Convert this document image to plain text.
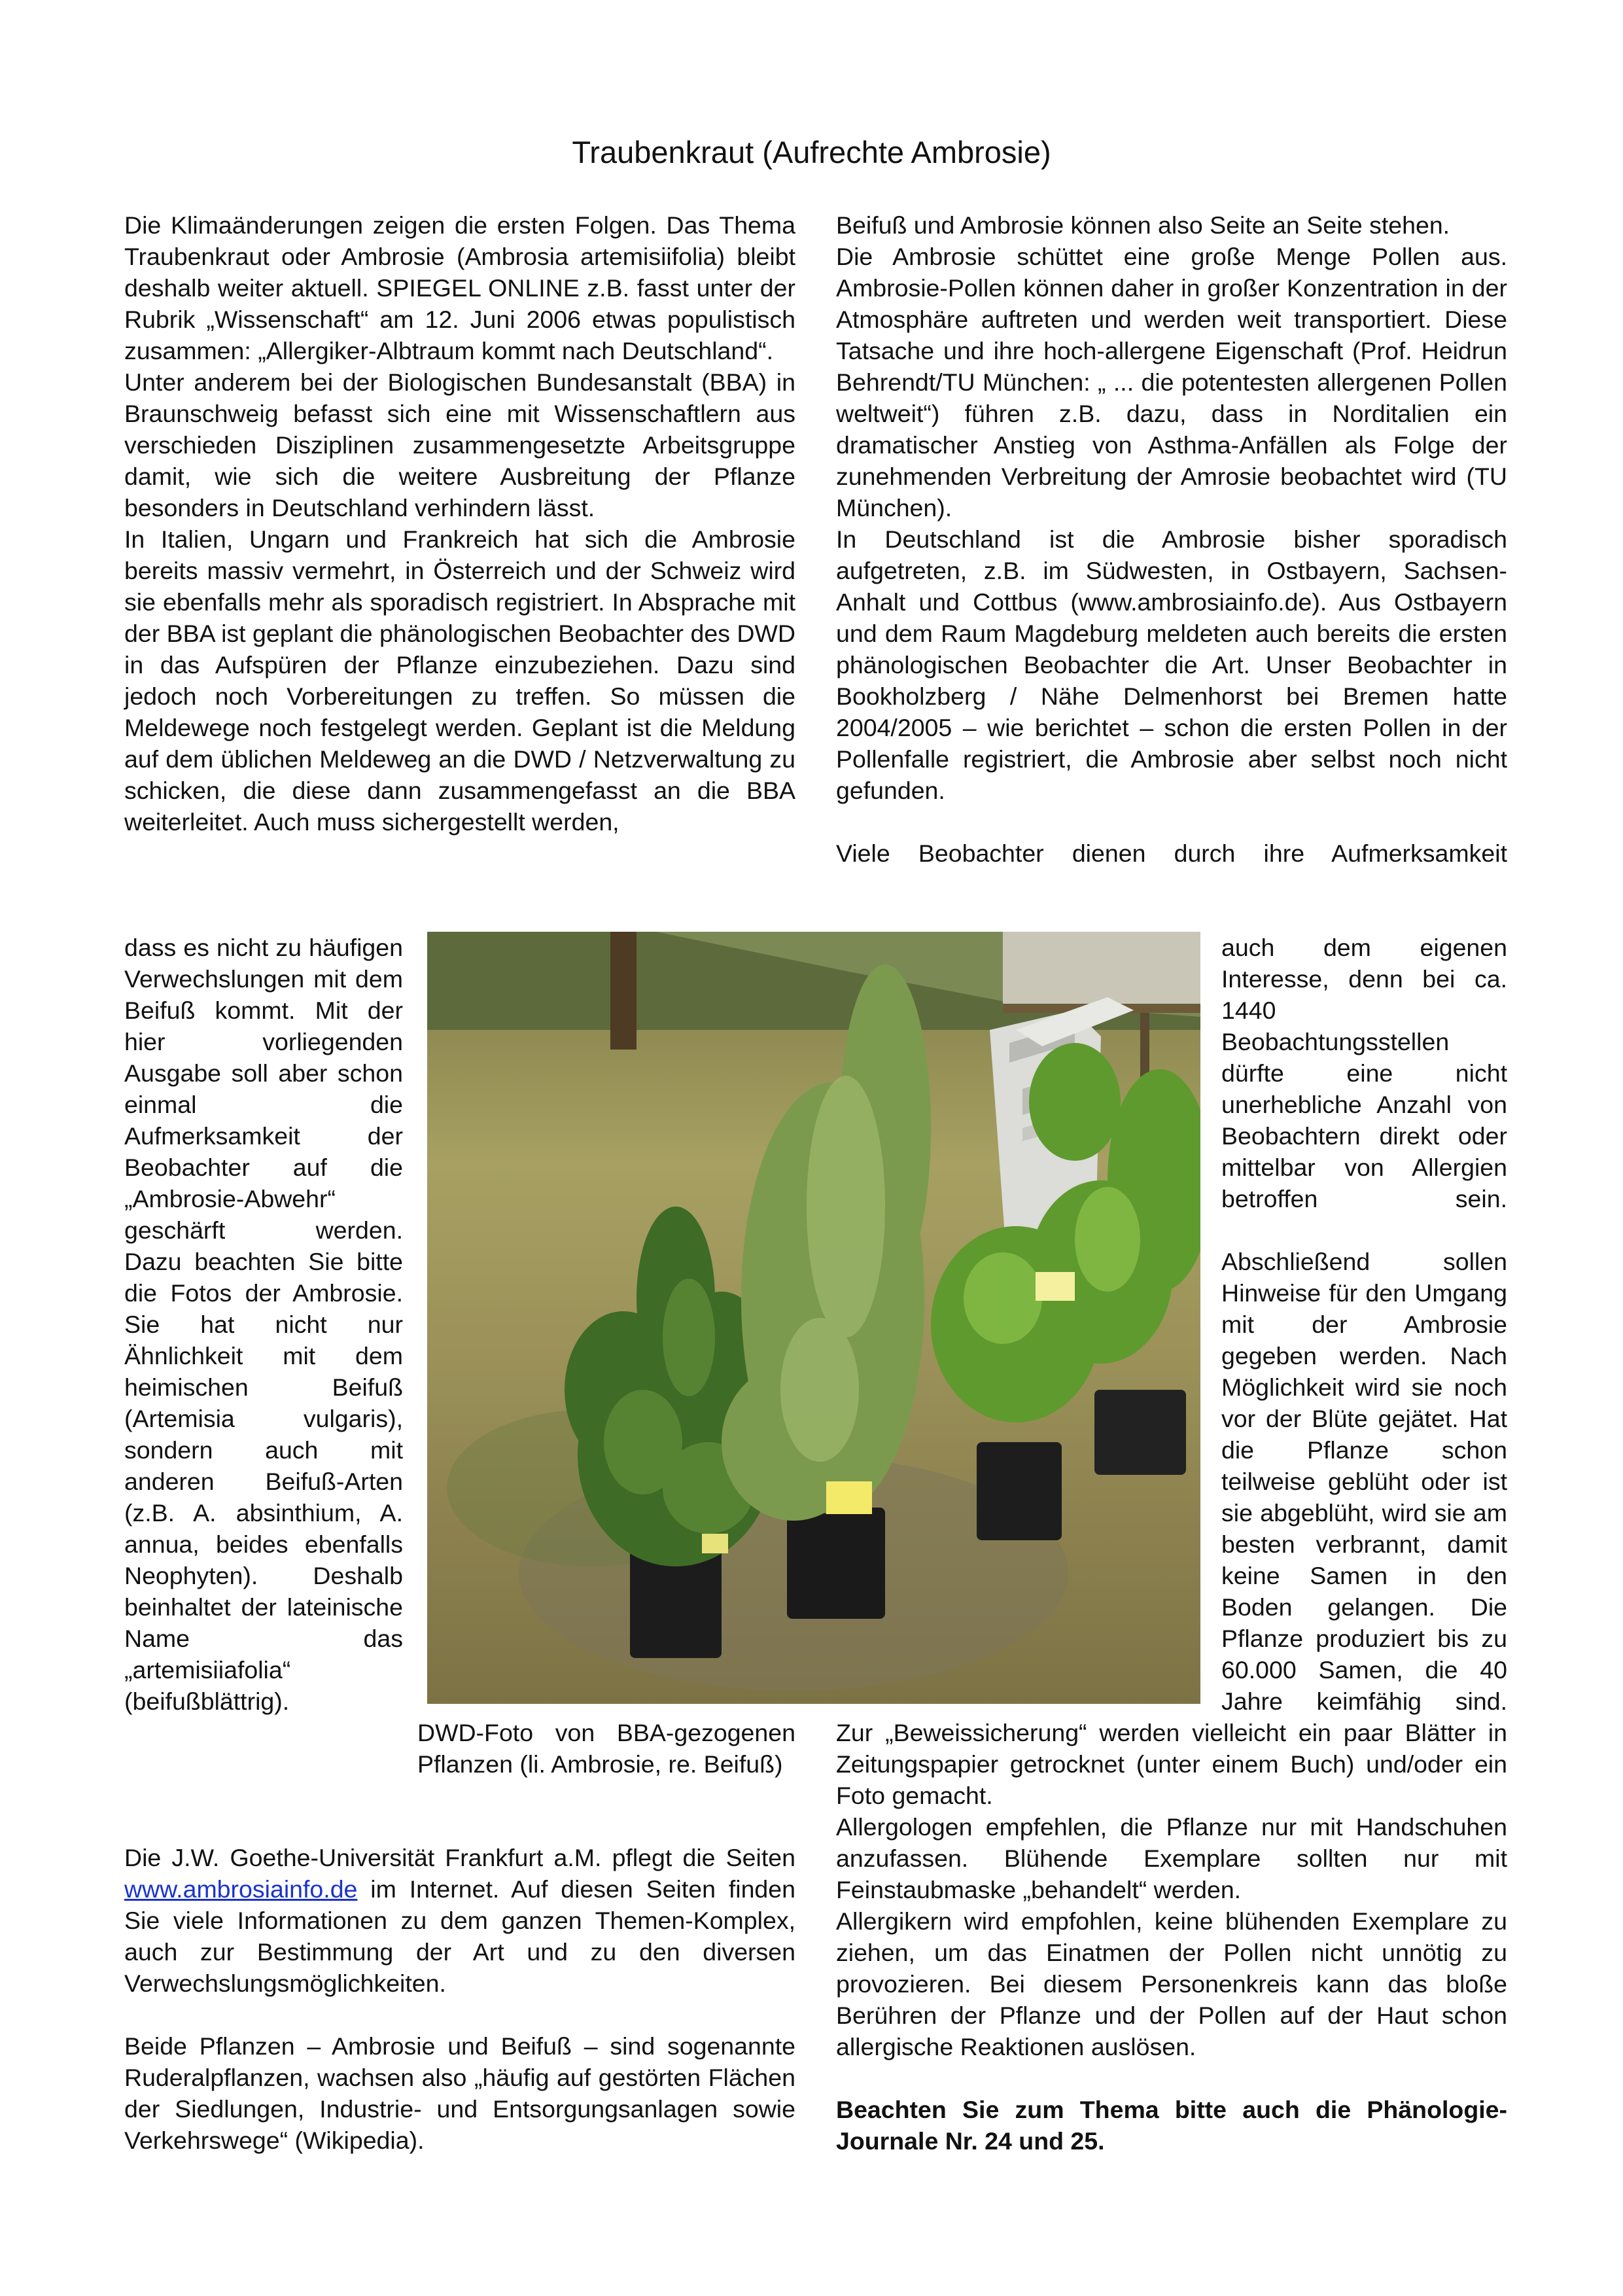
Traubenkraut (Aufrechte Ambrosie)

Die Klimaänderungen zeigen die ersten Folgen. Das Thema Traubenkraut oder Ambrosie (Ambrosia artemisiifolia) bleibt deshalb weiter aktuell. SPIEGEL ONLINE z.B. fasst unter der Rubrik „Wissenschaft“ am 12. Juni 2006 etwas populistisch zusammen: „Allergiker-Albtraum kommt nach Deutschland“.

Unter anderem bei der Biologischen Bundesanstalt (BBA) in Braunschweig befasst sich eine mit Wissenschaftlern aus verschieden Disziplinen zusammengesetzte Arbeitsgruppe damit, wie sich die weitere Ausbreitung der Pflanze besonders in Deutschland verhindern lässt.

In Italien, Ungarn und Frankreich hat sich die Ambrosie bereits massiv vermehrt, in Österreich und der Schweiz wird sie ebenfalls mehr als sporadisch registriert. In Absprache mit der BBA ist geplant die phänologischen Beobachter des DWD in das Aufspüren der Pflanze einzubeziehen. Dazu sind jedoch noch Vorbereitungen zu treffen. So müssen die Meldewege noch festgelegt werden. Geplant ist die Meldung auf dem üblichen Meldeweg an die DWD / Netzverwaltung zu schicken, die diese dann zusammengefasst an die BBA weiterleitet. Auch muss sichergestellt werden,

dass es nicht zu häufigen Verwechslungen mit dem Beifuß kommt. Mit der hier vorliegenden Ausgabe soll aber schon einmal die Aufmerksamkeit der Beobachter auf die „Ambrosie-Abwehr“ geschärft werden.

Dazu beachten Sie bitte die Fotos der Ambrosie.

Sie hat nicht nur Ähnlichkeit mit dem heimischen Beifuß (Artemisia vulgaris), sondern auch mit anderen Beifuß-Arten (z.B. A. absinthium, A. annua, beides ebenfalls Neophyten). Deshalb beinhaltet der lateinische Name das „artemisiiafolia“ (beifußblättrig).

DWD-Foto von BBA-gezogenen Pflanzen (li. Ambrosie, re. Beifuß)

Die J.W. Goethe-Universität Frankfurt a.M. pflegt die Seiten www.ambrosiainfo.de im Internet. Auf diesen Seiten finden Sie viele Informationen zu dem ganzen Themen-Komplex, auch zur Bestimmung der Art und zu den diversen Verwechslungsmöglichkeiten.

Beide Pflanzen – Ambrosie und Beifuß – sind sogenannte Ruderalpflanzen, wachsen also „häufig auf gestörten Flächen der Siedlungen, Industrie- und Entsorgungsanlagen sowie Verkehrswege“ (Wikipedia).

Beifuß und Ambrosie können also Seite an Seite stehen.

Die Ambrosie schüttet eine große Menge Pollen aus. Ambrosie-Pollen können daher in großer Konzentration in der Atmosphäre auftreten und werden weit transportiert. Diese Tatsache und ihre hoch-allergene Eigenschaft (Prof. Heidrun Behrendt/TU München: „ ... die potentesten allergenen Pollen weltweit“) führen z.B. dazu, dass in Norditalien ein dramatischer Anstieg von Asthma-Anfällen als Folge der zunehmenden Verbreitung der Amrosie beobachtet wird (TU München).

In Deutschland ist die Ambrosie bisher sporadisch aufgetreten, z.B. im Südwesten, in Ostbayern, Sachsen-Anhalt und Cottbus (www.ambrosiainfo.de). Aus Ostbayern und dem Raum Magdeburg meldeten auch bereits die ersten phänologischen Beobachter die Art. Unser Beobachter in Bookholzberg / Nähe Delmenhorst bei Bremen hatte 2004/2005 – wie berichtet – schon die ersten Pollen in der Pollenfalle registriert, die Ambrosie aber selbst noch nicht gefunden.

Viele Beobachter dienen durch ihre Aufmerksamkeit

auch dem eigenen Interesse, denn bei ca. 1440 Beobachtungsstellen dürfte eine nicht unerhebliche Anzahl von Beobachtern direkt oder mittelbar von Allergien betroffen sein.

Abschließend sollen Hinweise für den Umgang mit der Ambrosie gegeben werden. Nach Möglichkeit wird sie noch vor der Blüte gejätet. Hat die Pflanze schon teilweise geblüht oder ist sie abgeblüht, wird sie am besten verbrannt, damit keine Samen in den Boden gelangen. Die Pflanze produziert bis zu 60.000 Samen, die 40 Jahre keimfähig sind.

Zur „Beweissicherung“ werden vielleicht ein paar Blätter in Zeitungspapier getrocknet (unter einem Buch) und/oder ein Foto gemacht.

Allergologen empfehlen, die Pflanze nur mit Handschuhen anzufassen. Blühende Exemplare sollten nur mit Feinstaubmaske „behandelt“ werden.

Allergikern wird empfohlen, keine blühenden Exemplare zu ziehen, um das Einatmen der Pollen nicht unnötig zu provozieren. Bei diesem Personenkreis kann das bloße Berühren der Pflanze und der Pollen auf der Haut schon allergische Reaktionen auslösen.

Beachten Sie zum Thema bitte auch die Phänologie-Journale Nr. 24 und 25.
